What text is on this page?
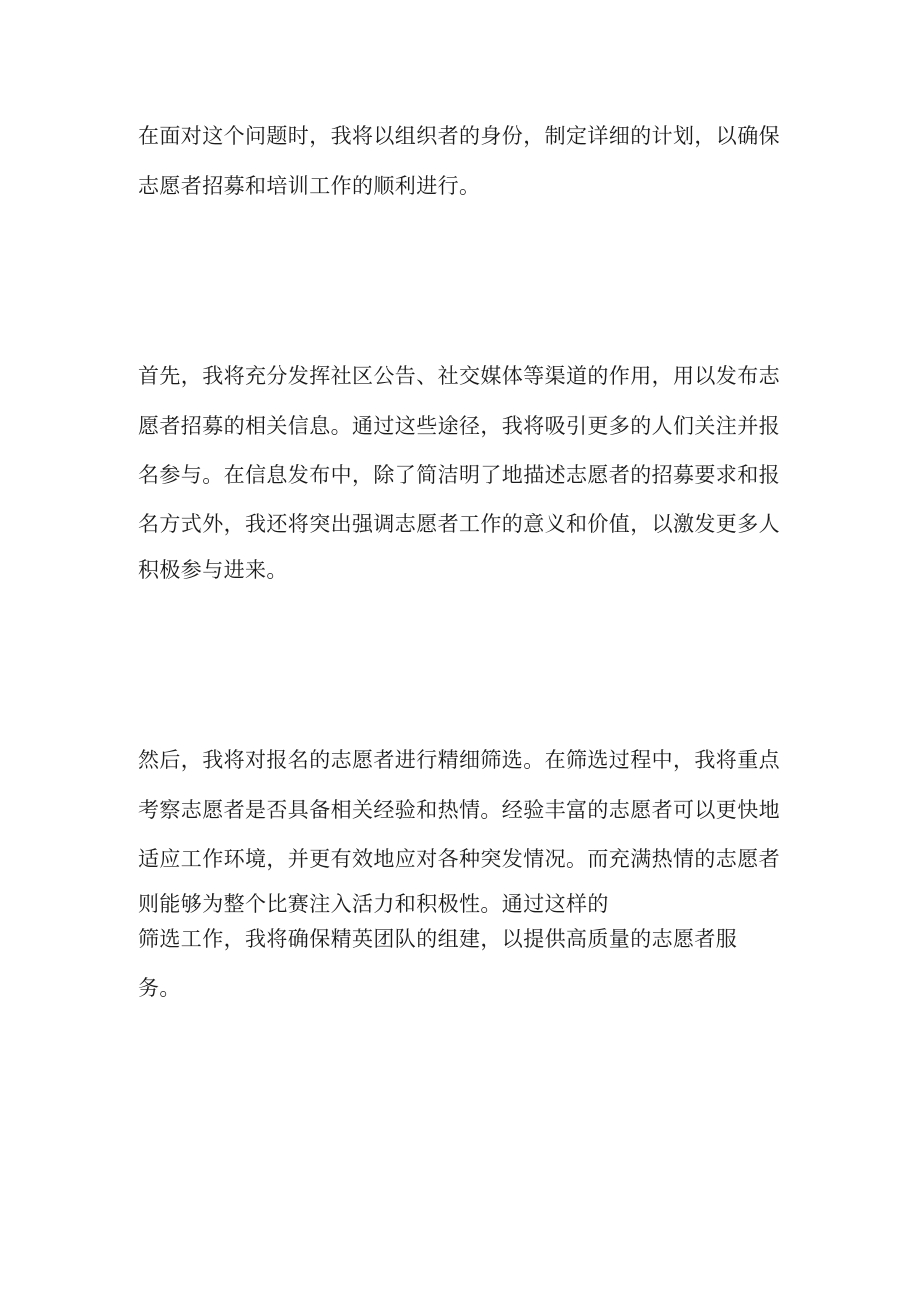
在面对这个问题时，我将以组织者的身份，制定详细的计划，以确保
志愿者招募和培训工作的顺利进行。
首先，我将充分发挥社区公告、社交媒体等渠道的作用，用以发布志
愿者招募的相关信息。通过这些途径，我将吸引更多的人们关注并报
名参与。在信息发布中，除了简洁明了地描述志愿者的招募要求和报
名方式外，我还将突出强调志愿者工作的意义和价值，以激发更多人
积极参与进来。
然后，我将对报名的志愿者进行精细筛选。在筛选过程中，我将重点
考察志愿者是否具备相关经验和热情。经验丰富的志愿者可以更快地
适应工作环境，并更有效地应对各种突发情况。而充满热情的志愿者
则能够为整个比赛注入活力和积极性。通过这样的
筛选工作，我将确保精英团队的组建，以提供高质量的志愿者服
务。
